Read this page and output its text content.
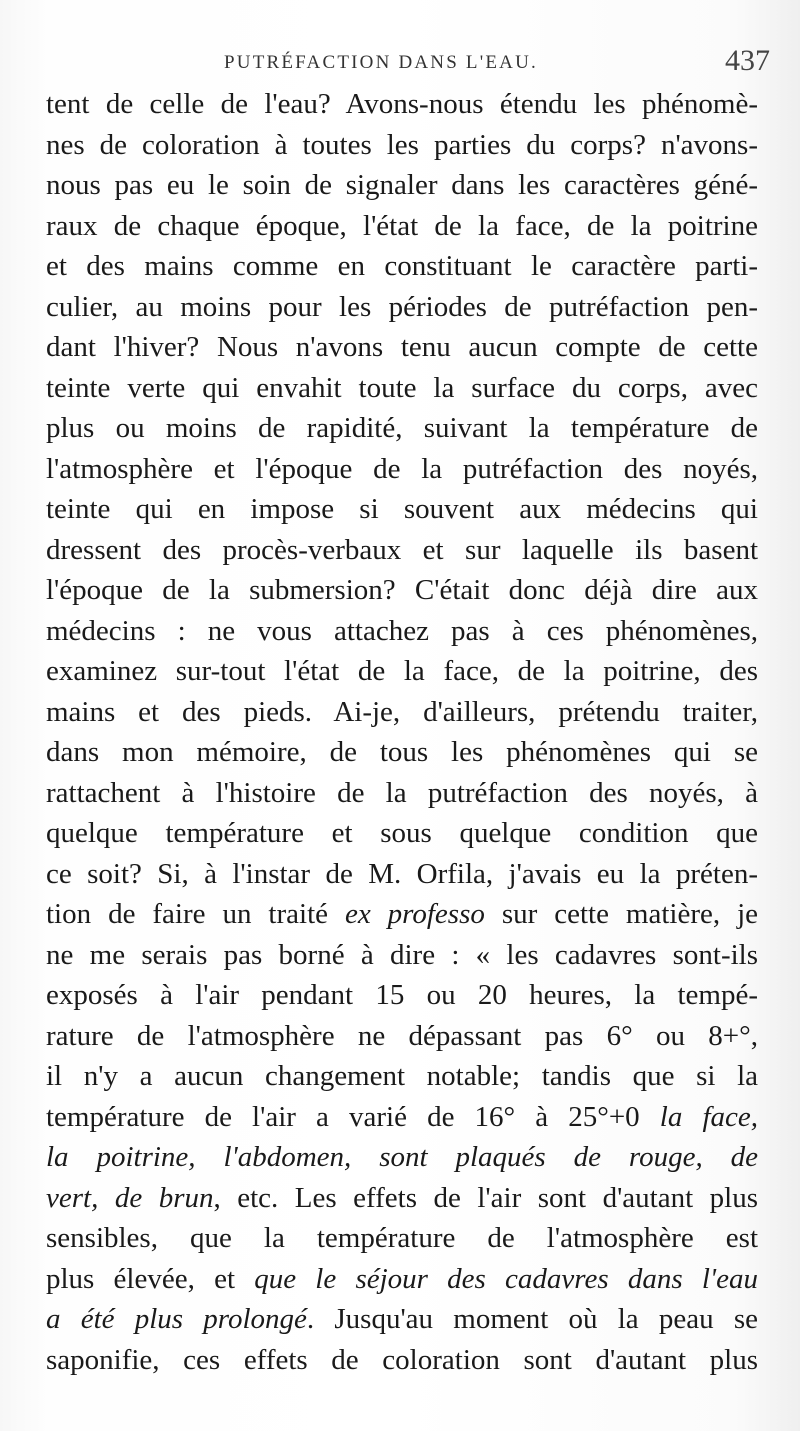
PUTRÉFACTION DANS L'EAU.	437
tent de celle de l'eau? Avons-nous étendu les phénomè-
nes de coloration à toutes les parties du corps? n'avons-
nous pas eu le soin de signaler dans les caractères géné-
raux de chaque époque, l'état de la face, de la poitrine
et des mains comme en constituant le caractère parti-
culier, au moins pour les périodes de putréfaction pen-
dant l'hiver? Nous n'avons tenu aucun compte de cette
teinte verte qui envahit toute la surface du corps, avec
plus ou moins de rapidité, suivant la température de
l'atmosphère et l'époque de la putréfaction des noyés,
teinte qui en impose si souvent aux médecins qui
dressent des procès-verbaux et sur laquelle ils basent
l'époque de la submersion? C'était donc déjà dire aux
médecins : ne vous attachez pas à ces phénomènes,
examinez sur-tout l'état de la face, de la poitrine, des
mains et des pieds. Ai-je, d'ailleurs, prétendu traiter,
dans mon mémoire, de tous les phénomènes qui se
rattachent à l'histoire de la putréfaction des noyés, à
quelque température et sous quelque condition que
ce soit? Si, à l'instar de M. Orfila, j'avais eu la préten-
tion de faire un traité ex professo sur cette matière, je
ne me serais pas borné à dire : « les cadavres sont-ils
exposés à l'air pendant 15 ou 20 heures, la tempé-
rature de l'atmosphère ne dépassant pas 6° ou 8+°,
il n'y a aucun changement notable; tandis que si la
température de l'air a varié de 16° à 25°+0 la face,
la poitrine, l'abdomen, sont plaqués de rouge, de
vert, de brun, etc. Les effets de l'air sont d'autant plus
sensibles, que la température de l'atmosphère est
plus élevée, et que le séjour des cadavres dans l'eau
a été plus prolongé. Jusqu'au moment où la peau se
saponifie, ces effets de coloration sont d'autant plus
